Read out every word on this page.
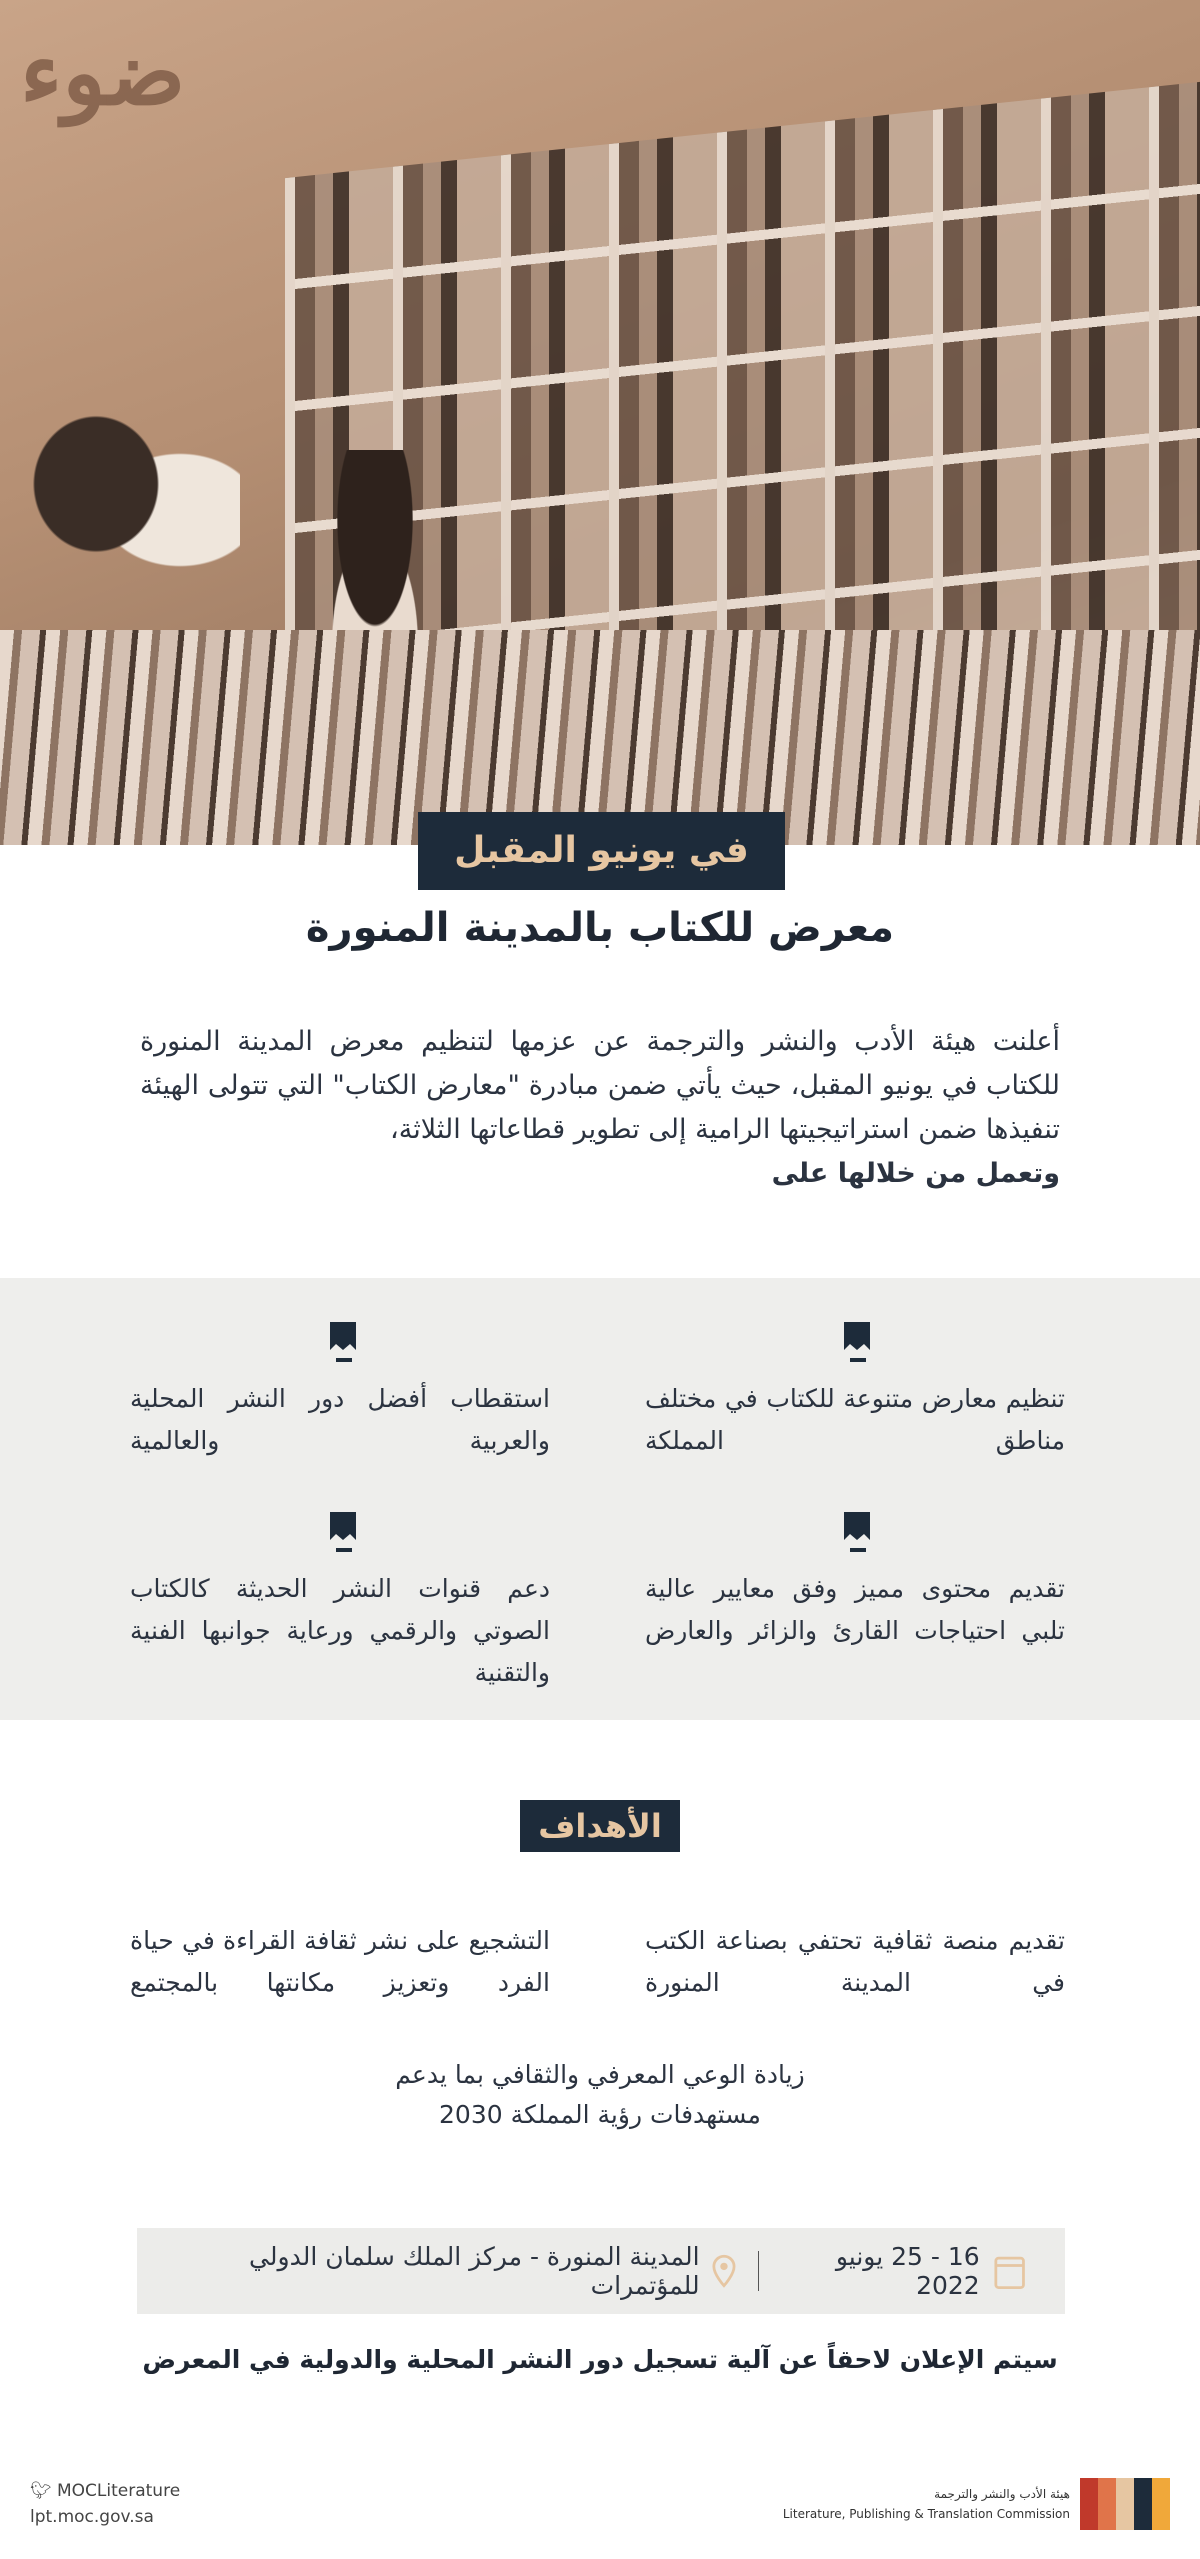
ضوء
في يونيو المقبل
معرض للكتاب بالمدينة المنورة
أعلنت هيئة الأدب والنشر والترجمة عن عزمها لتنظيم معرض المدينة المنورة للكتاب في يونيو المقبل، حيث يأتي ضمن مبادرة "معارض الكتاب" التي تتولى الهيئة تنفيذها ضمن استراتيجيتها الرامية إلى تطوير قطاعاتها الثلاثة،
وتعمل من خلالها على
تنظيم معارض متنوعة للكتاب في مختلف مناطق المملكة
استقطاب أفضل دور النشر المحلية والعربية والعالمية
تقديم محتوى مميز وفق معايير عالية تلبي احتياجات القارئ والزائر والعارض
دعم قنوات النشر الحديثة كالكتاب الصوتي والرقمي ورعاية جوانبها الفنية والتقنية
الأهداف
تقديم منصة ثقافية تحتفي بصناعة الكتب في المدينة المنورة
التشجيع على نشر ثقافة القراءة في حياة الفرد وتعزيز مكانتها بالمجتمع
زيادة الوعي المعرفي والثقافي بما يدعم مستهدفات رؤية المملكة 2030
16 - 25 يونيو 2022
المدينة المنورة - مركز الملك سلمان الدولي للمؤتمرات
سيتم الإعلان لاحقاً عن آلية تسجيل دور النشر المحلية والدولية في المعرض
🐦︎ MOCLiterature
lpt.moc.gov.sa
هيئة الأدب والنشر والترجمة
Literature, Publishing & Translation Commission
